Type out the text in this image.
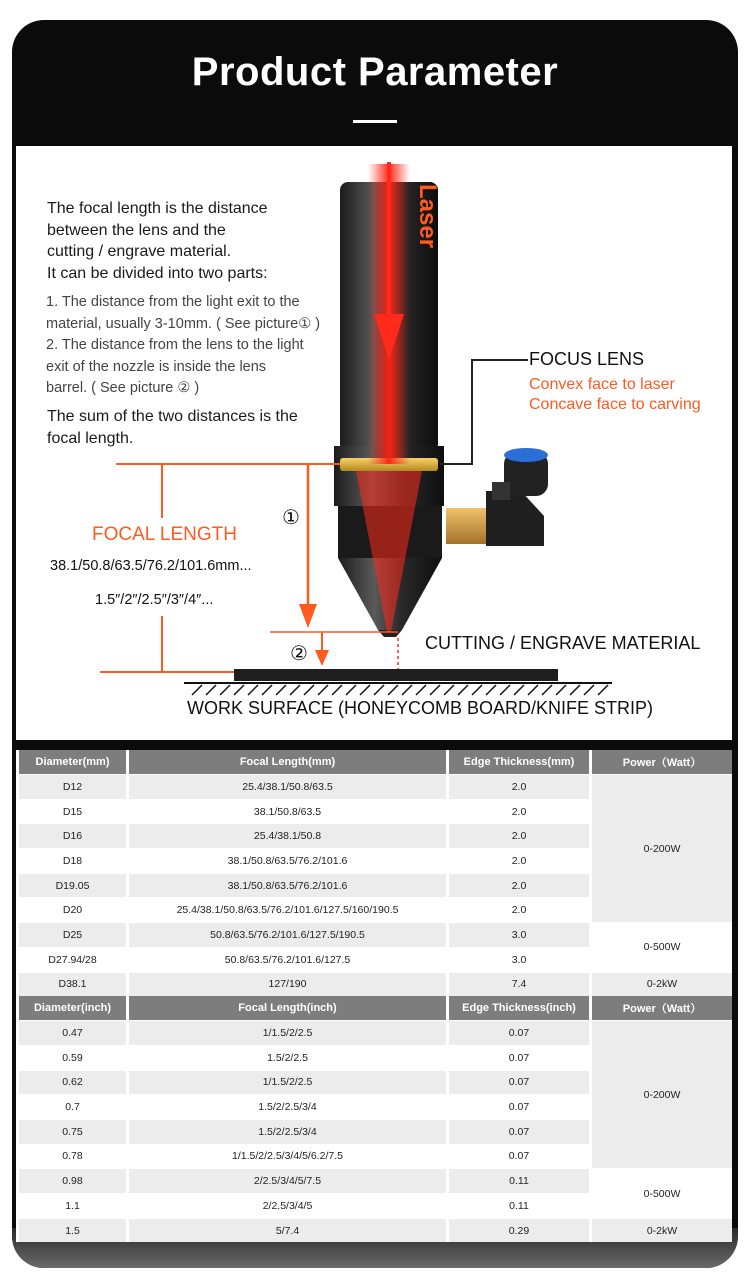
Product Parameter
Laser
①
②

The focal length is the distance

between the lens and the

cutting / engrave material.

It can be divided into two parts:

1. The distance from the light exit to the

material, usually 3-10mm. ( See picture① )

2. The distance from the lens to the light

exit of the nozzle is inside the lens

barrel. ( See picture ② )

The sum of the two distances is the

focal length.

FOCUS LENS
Convex face to laser
Concave face to carving
FOCAL LENGTH
38.1/50.8/63.5/76.2/101.6mm...
1.5″/2″/2.5″/3″/4″...
CUTTING / ENGRAVE MATERIAL
WORK SURFACE (HONEYCOMB BOARD/KNIFE STRIP)
Diameter(mm)	Focal Length(mm)	Edge Thickness(mm)	Power（Watt）
D12	25.4/38.1/50.8/63.5	2.0	0-200W
D15	38.1/50.8/63.5	2.0	
D16	25.4/38.1/50.8	2.0	
D18	38.1/50.8/63.5/76.2/101.6	2.0	
D19.05	38.1/50.8/63.5/76.2/101.6	2.0	
D20	25.4/38.1/50.8/63.5/76.2/101.6/127.5/160/190.5	2.0	
D25	50.8/63.5/76.2/101.6/127.5/190.5	3.0	0-500W
D27.94/28	50.8/63.5/76.2/101.6/127.5	3.0	
D38.1	127/190	7.4	0-2kW
Diameter(inch)	Focal Length(inch)	Edge Thickness(inch)	Power（Watt）
0.47	1/1.5/2/2.5	0.07	0-200W
0.59	1.5/2/2.5	0.07	
0.62	1/1.5/2/2.5	0.07	
0.7	1.5/2/2.5/3/4	0.07	
0.75	1.5/2/2.5/3/4	0.07	
0.78	1/1.5/2/2.5/3/4/5/6.2/7.5	0.07	
0.98	2/2.5/3/4/5/7.5	0.11	0-500W
1.1	2/2.5/3/4/5	0.11	
1.5	5/7.4	0.29	0-2kW
